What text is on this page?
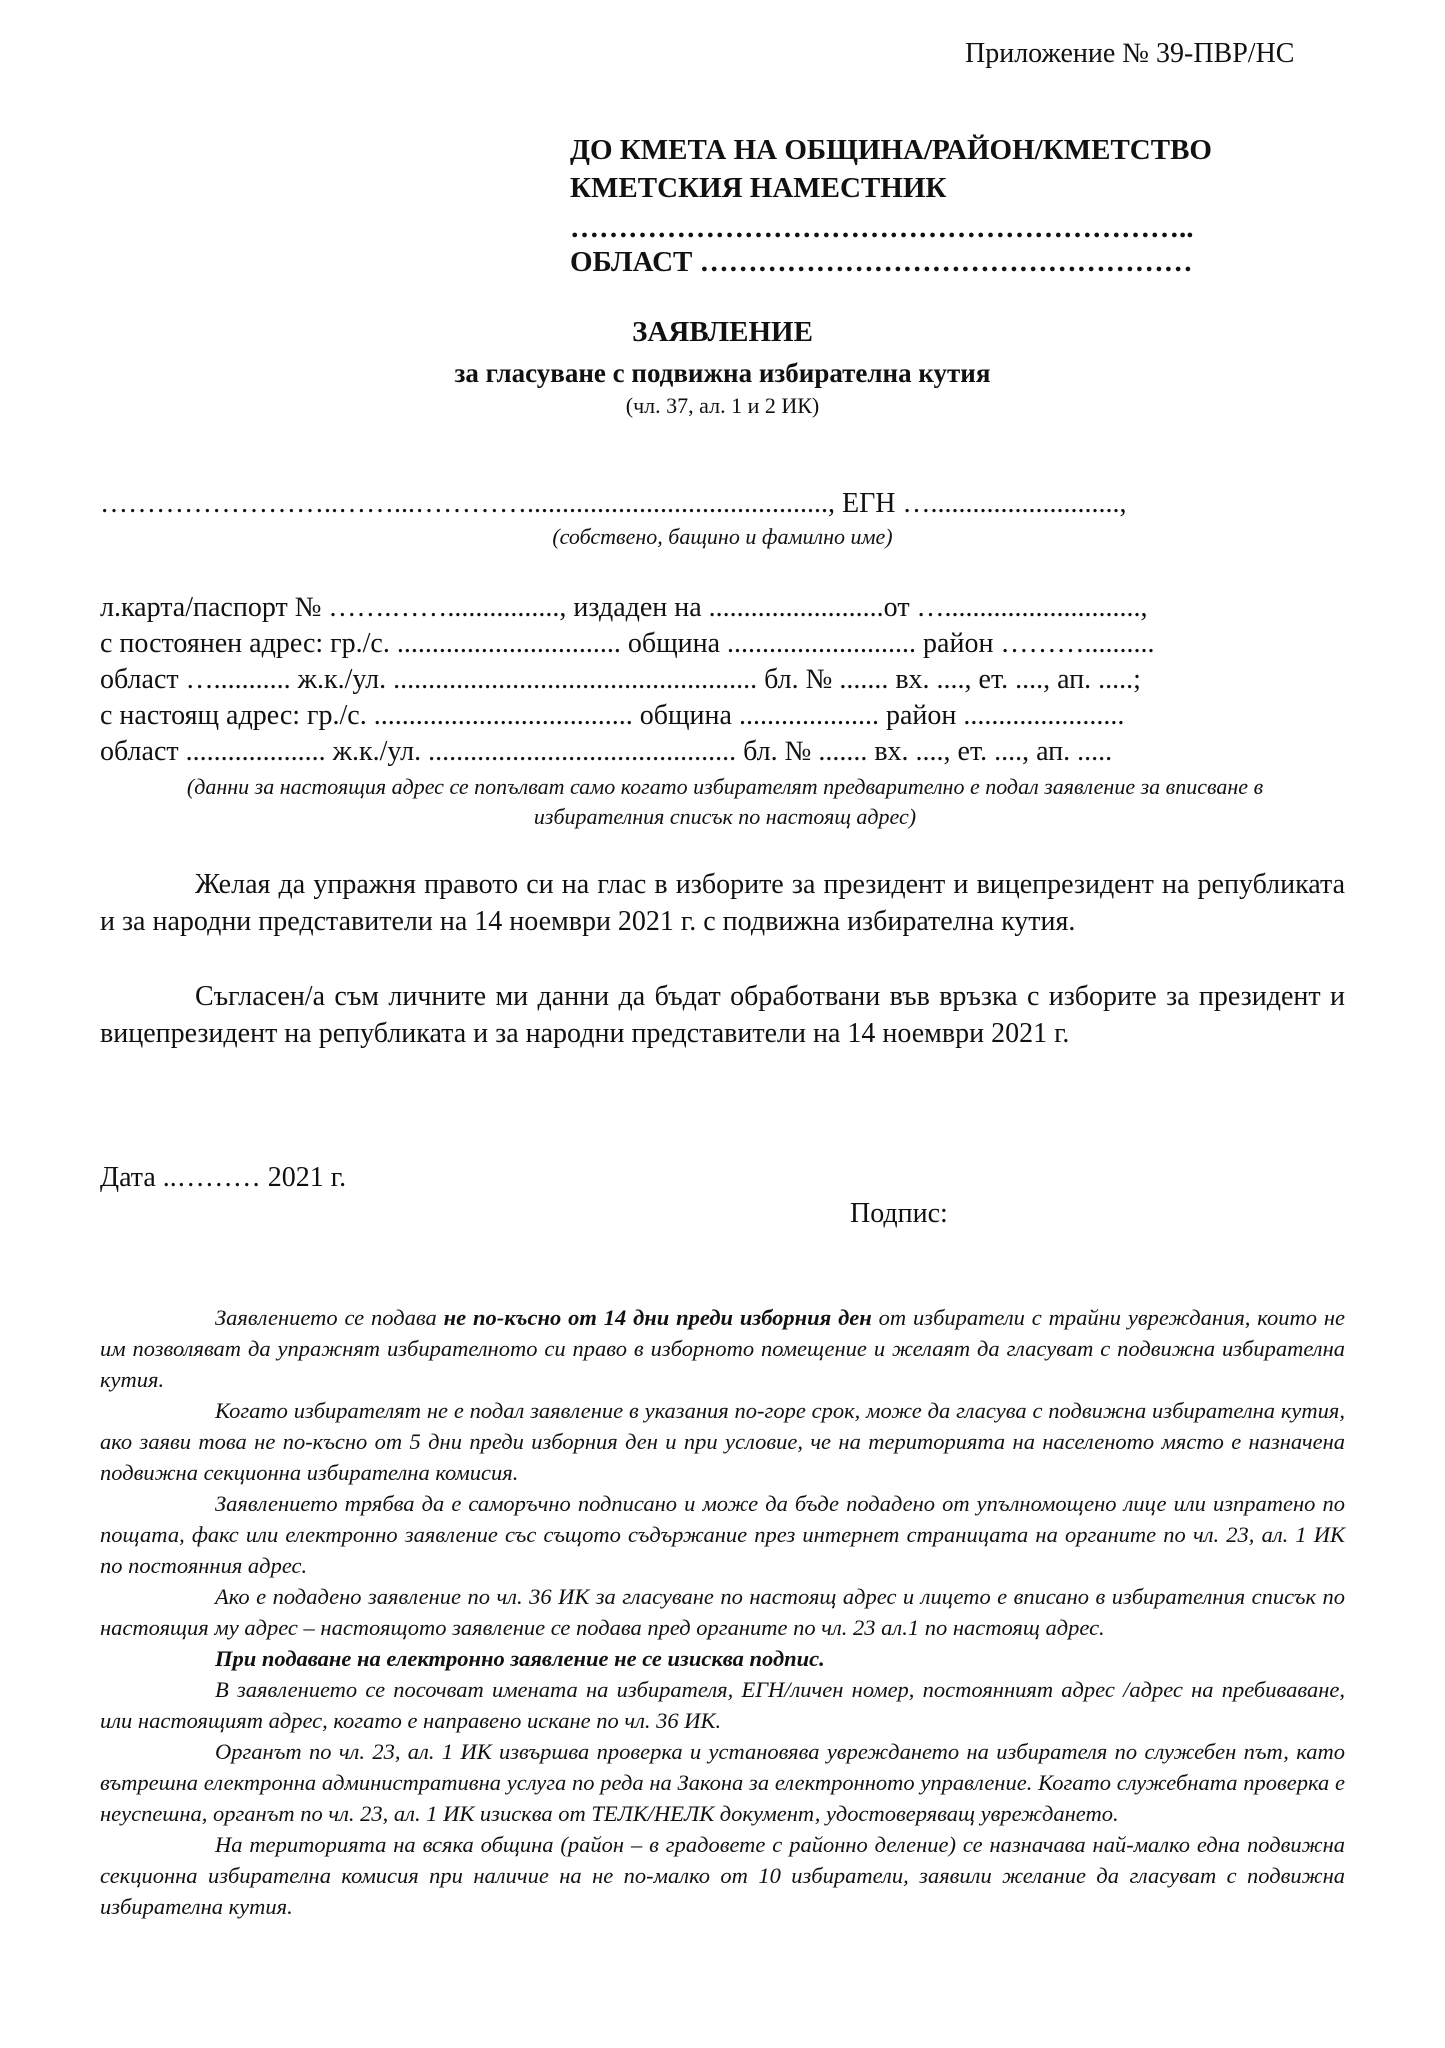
Приложение № 39-ПВР/НС
ДО КМЕТА НА ОБЩИНА/РАЙОН/КМЕТСТВО
КМЕТСКИЯ НАМЕСТНИК
………………………………………………………..
ОБЛАСТ ……………………………………………
ЗАЯВЛЕНИЕ
за гласуване с подвижна избирателна кутия
(чл. 37, ал. 1 и 2 ИК)
……………………..……...…………..........................................., ЕГН …...........................,
(собствено, бащино и фамилно име)
л.карта/паспорт № …….……................, издаден на .........................от …............................,
с постоянен адрес: гр./с. ................................ община ........................... район ………..........
област …........... ж.к./ул. .................................................... бл. № ....... вх. ...., ет. ...., ап. .....;
с настоящ адрес: гр./с. ..................................... община .................... район .......................
област .................... ж.к./ул. ............................................ бл. № ....... вх. ...., ет. ...., ап. .....
(данни за настоящия адрес се попълват само когато избирателят предварително е подал заявление за вписване в избирателния списък по настоящ адрес)
Желая да упражня правото си на глас в изборите за президент и вицепрезидент на републиката и за народни представители на 14 ноември 2021 г. с подвижна избирателна кутия.
Съгласен/а съм личните ми данни да бъдат обработвани във връзка с изборите за президент и вицепрезидент на републиката и за народни представители на 14 ноември 2021 г.
Дата ..……… 2021 г.
Подпис:

Заявлението се подава не по-късно от 14 дни преди изборния ден от избиратели с трайни увреждания, които не им позволяват да упражнят избирателното си право в изборното помещение и желаят да гласуват с подвижна избирателна кутия.

Когато избирателят не е подал заявление в указания по-горе срок, може да гласува с подвижна избирателна кутия, ако заяви това не по-късно от 5 дни преди изборния ден и при условие, че на територията на населеното място е назначена подвижна секционна избирателна комисия.

Заявлението трябва да е саморъчно подписано и може да бъде подадено от упълномощено лице или изпратено по пощата, факс или електронно заявление със същото съдържание през интернет страницата на органите по чл. 23, ал. 1 ИК по постоянния адрес.

Ако е подадено заявление по чл. 36 ИК за гласуване по настоящ адрес и лицето е вписано в избирателния списък по настоящия му адрес – настоящото заявление се подава пред органите по чл. 23 ал.1 по настоящ адрес.

При подаване на електронно заявление не се изисква подпис.

В заявлението се посочват имената на избирателя, ЕГН/личен номер, постоянният адрес /адрес на пребиваване, или настоящият адрес, когато е направено искане по чл. 36 ИК.

Органът по чл. 23, ал. 1 ИК извършва проверка и установява увреждането на избирателя по служебен път, като вътрешна електронна административна услуга по реда на Закона за електронното управление. Когато служебната проверка е неуспешна, органът по чл. 23, ал. 1 ИК изисква от ТЕЛК/НЕЛК документ, удостоверяващ увреждането.

На територията на всяка община (район – в градовете с районно деление) се назначава най-малко една подвижна секционна избирателна комисия при наличие на не по-малко от 10 избиратели, заявили желание да гласуват с подвижна избирателна кутия.
